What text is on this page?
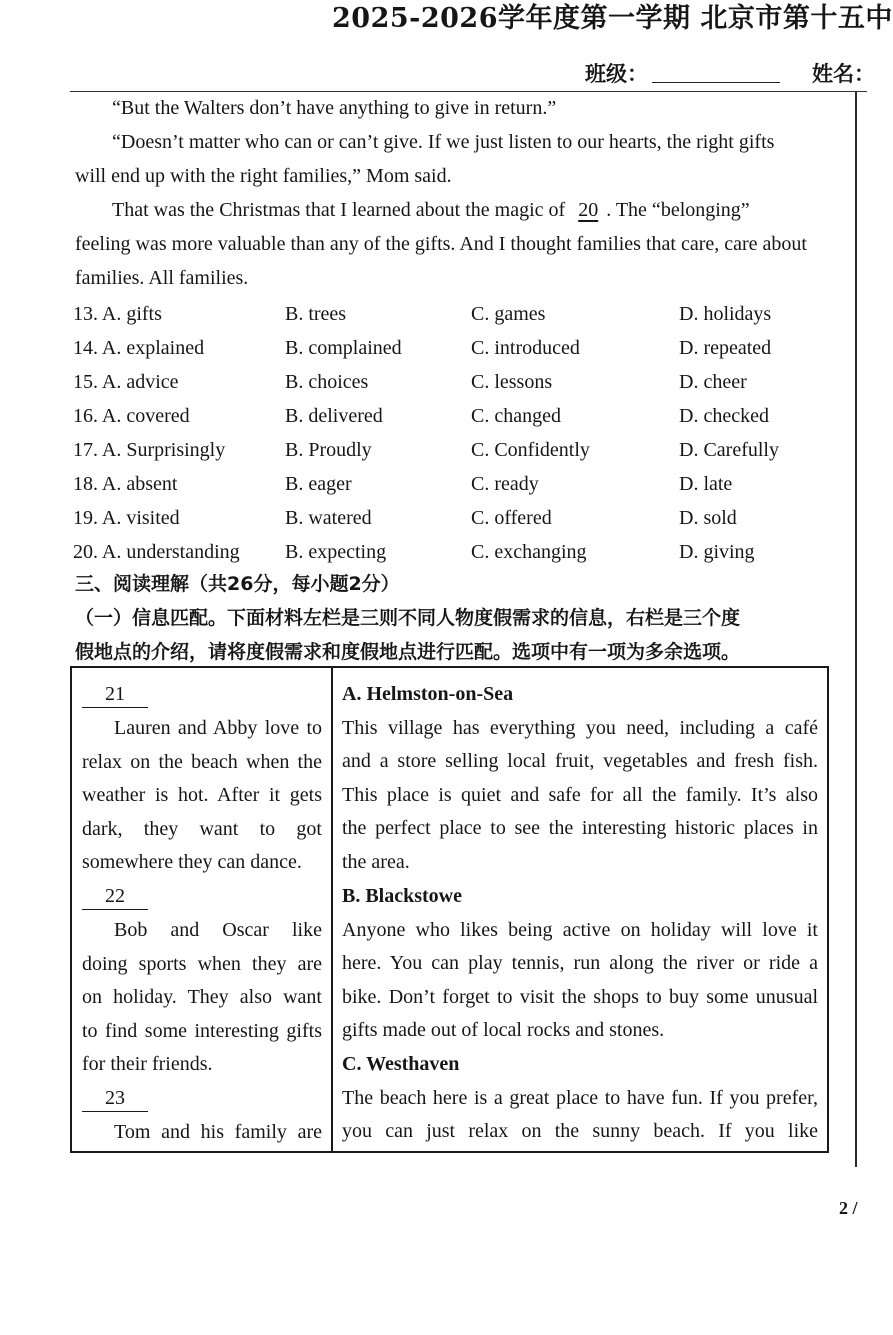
2025-2026学年度第一学期 北京市第十五中
班级：	姓名：
“But the Walters don’t have anything to give in return.”
“Doesn’t matter who can or can’t give. If we just listen to our hearts, the right gifts
will end up with the right families,” Mom said.
That was the Christmas that I learned about the magic of 20 . The “belonging”
feeling was more valuable than any of the gifts. And I thought families that care, care about
families. All families.
13. A. gifts	B. trees	C. games	D. holidays
14. A. explained	B. complained	C. introduced	D. repeated
15. A. advice	B. choices	C. lessons	D. cheer
16. A. covered	B. delivered	C. changed	D. checked
17. A. Surprisingly	B. Proudly	C. Confidently	D. Carefully
18. A. absent	B. eager	C. ready	D. late
19. A. visited	B. watered	C. offered	D. sold
20. A. understanding B. expecting	C. exchanging	D. giving
三、阅读理解（共26分，每小题2分）
（一）信息匹配。下面材料左栏是三则不同人物度假需求的信息，右栏是三个度
假地点的介绍，请将度假需求和度假地点进行匹配。选项中有一项为多余选项。
21
Lauren and Abby love to
relax on the beach when the
weather is hot. After it gets
dark, they want to got
somewhere they can dance.
22
Bob and Oscar like
doing sports when they are
on holiday. They also want
to find some interesting gifts
for their friends.
23
Tom and his family are
A. Helmston-on-Sea
This village has everything you need, including a café
and a store selling local fruit, vegetables and fresh fish.
This place is quiet and safe for all the family. It’s also
the perfect place to see the interesting historic places in
the area.
B. Blackstowe
Anyone who likes being active on holiday will love it
here. You can play tennis, run along the river or ride a
bike. Don’t forget to visit the shops to buy some unusual
gifts made out of local rocks and stones.
C. Westhaven
The beach here is a great place to have fun. If you prefer,
you can just relax on the sunny beach. If you like
2 /
